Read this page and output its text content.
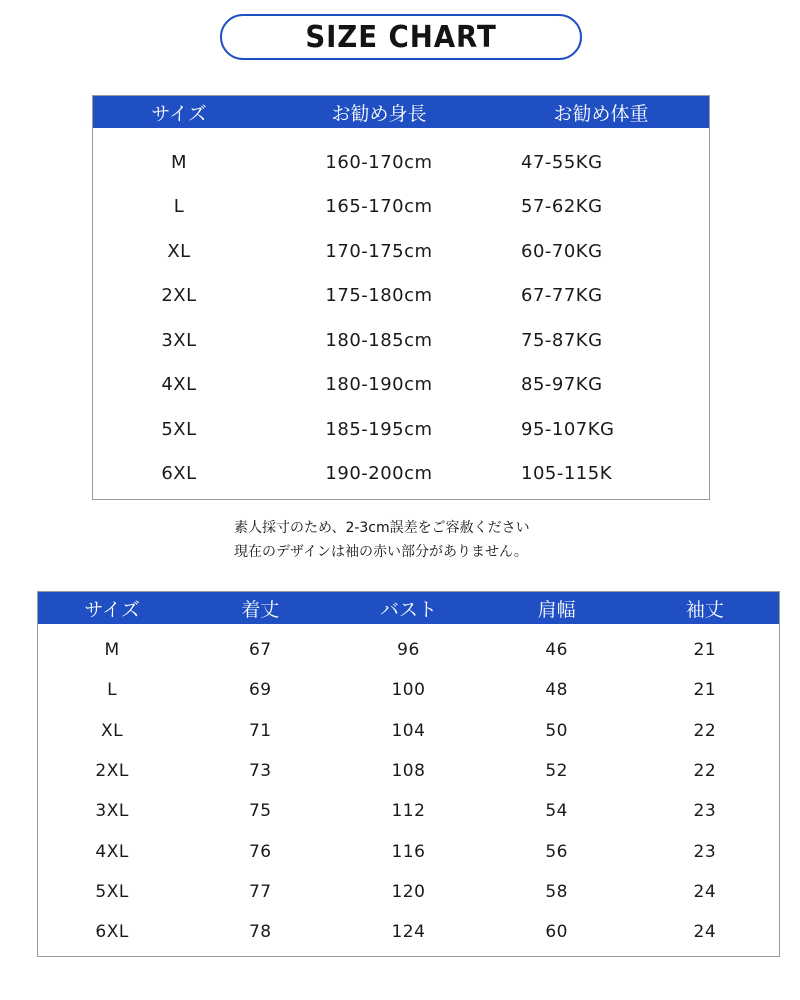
SIZE CHART
サイズ	お勧め身長	お勧め体重
M	160-170cm	47-55KG
L	165-170cm	57-62KG
XL	170-175cm	60-70KG
2XL	175-180cm	67-77KG
3XL	180-185cm	75-87KG
4XL	180-190cm	85-97KG
5XL	185-195cm	95-107KG
6XL	190-200cm	105-115K
素人採寸のため、2-3cm誤差をご容赦ください
現在のデザインは袖の赤い部分がありません。
サイズ	着丈	バスト	肩幅	袖丈
M	67	96	46	21
L	69	100	48	21
XL	71	104	50	22
2XL	73	108	52	22
3XL	75	112	54	23
4XL	76	116	56	23
5XL	77	120	58	24
6XL	78	124	60	24
